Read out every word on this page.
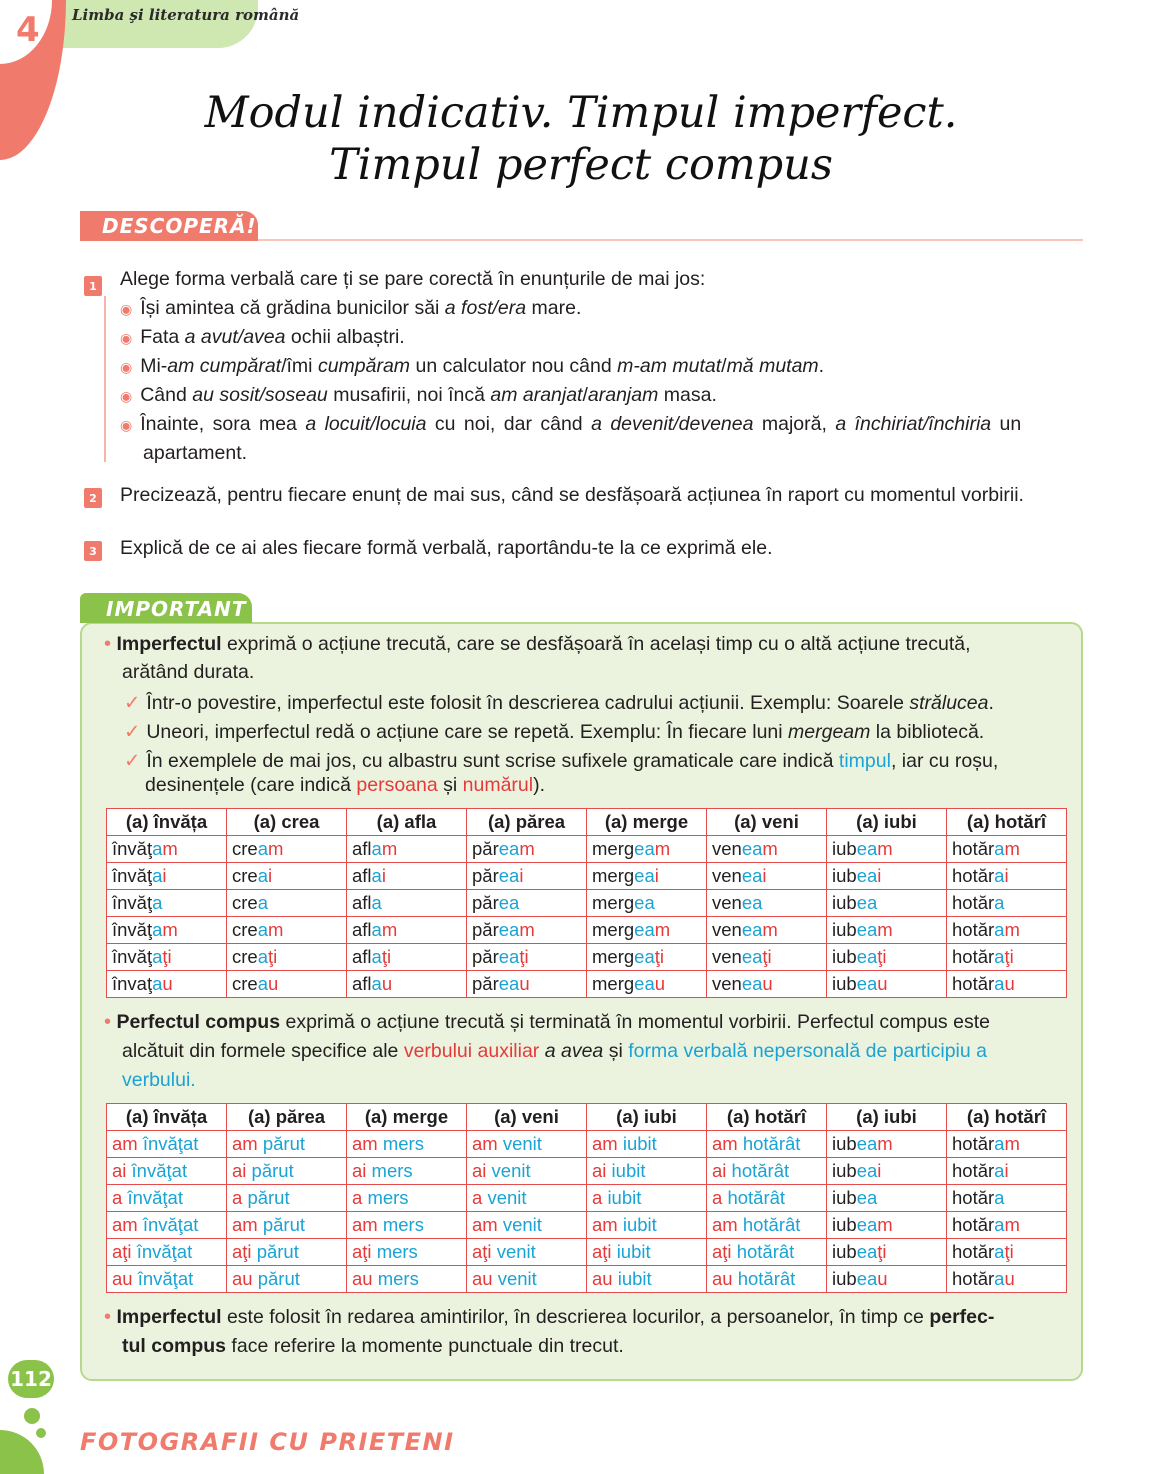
4 Limba şi literatura română
Modul indicativ. Timpul imperfect.
Timpul perfect compus
DESCOPERĂ!
1 Alege forma verbală care ți se pare corectă în enunțurile de mai jos:
◉ Își amintea că grădina bunicilor săi a fost/era mare.
◉ Fata a avut/avea ochii albaștri.
◉ Mi-am cumpărat/îmi cumpăram un calculator nou când m-am mutat/mă mutam.
◉ Când au sosit/soseau musafirii, noi încă am aranjat/aranjam masa.
◉ Înainte, sora mea a locuit/locuia cu noi, dar când a devenit/devenea majoră, a închiriat/închiria un
apartament.
2 Precizează, pentru fiecare enunț de mai sus, când se desfășoară acțiunea în raport cu momentul vorbirii.
3 Explică de ce ai ales fiecare formă verbală, raportându-te la ce exprimă ele.
IMPORTANT
• Imperfectul exprimă o acțiune trecută, care se desfășoară în același timp cu o altă acțiune trecută,
arătând durata.
✓ Într-o povestire, imperfectul este folosit în descrierea cadrului acțiunii. Exemplu: Soarele strălucea.
✓ Uneori, imperfectul redă o acțiune care se repetă. Exemplu: În fiecare luni mergeam la bibliotecă.
✓ În exemplele de mai jos, cu albastru sunt scrise sufixele gramaticale care indică timpul, iar cu roșu,
desinențele (care indică persoana și numărul).
(a) învăța	(a) crea	(a) afla	(a) părea	(a) merge	(a) veni	(a) iubi	(a) hotărî
învăţam	cream	aflam	păream	mergeam	veneam	iubeam	hotăram
învăţai	creai	aflai	păreai	mergeai	veneai	iubeai	hotărai
învăţa	crea	afla	părea	mergea	venea	iubea	hotăra
învăţam	cream	aflam	păream	mergeam	veneam	iubeam	hotăram
învăţaţi	creaţi	aflaţi	păreaţi	mergeaţi	veneaţi	iubeaţi	hotăraţi
învaţau	creau	aflau	păreau	mergeau	veneau	iubeau	hotărau
• Perfectul compus exprimă o acțiune trecută și terminată în momentul vorbirii. Perfectul compus este
alcătuit din formele specifice ale verbului auxiliar a avea și forma verbală nepersonală de participiu a
verbului.
(a) învăța	(a) părea	(a) merge	(a) veni	(a) iubi	(a) hotărî	(a) iubi	(a) hotărî
am învăţat	am părut	am mers	am venit	am iubit	am hotărât	iubeam	hotăram
ai învăţat	ai părut	ai mers	ai venit	ai iubit	ai hotărât	iubeai	hotărai
a învăţat	a părut	a mers	a venit	a iubit	a hotărât	iubea	hotăra
am învăţat	am părut	am mers	am venit	am iubit	am hotărât	iubeam	hotăram
aţi învăţat	aţi părut	aţi mers	aţi venit	aţi iubit	aţi hotărât	iubeaţi	hotăraţi
au învăţat	au părut	au mers	au venit	au iubit	au hotărât	iubeau	hotărau
• Imperfectul este folosit în redarea amintirilor, în descrierea locurilor, a persoanelor, în timp ce perfec-
tul compus face referire la momente punctuale din trecut.
112
FOTOGRAFII CU PRIETENI
